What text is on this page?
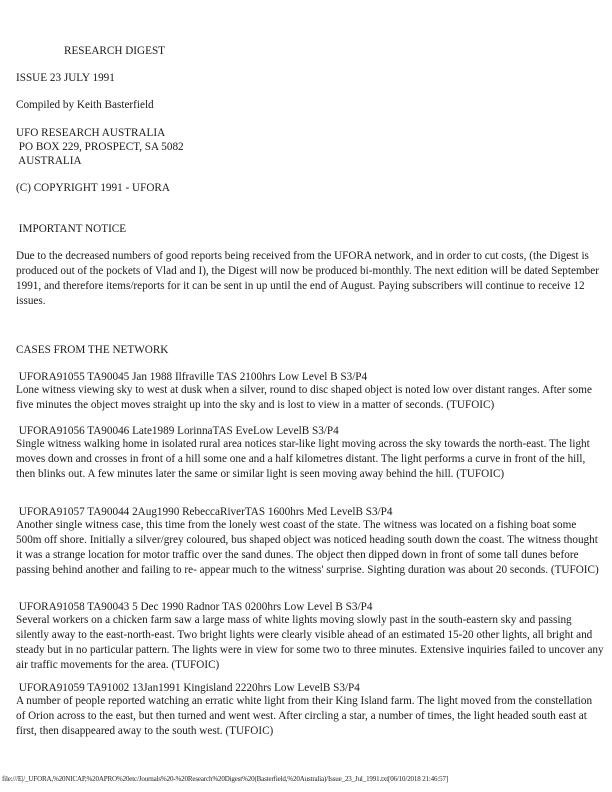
RESEARCH DIGEST
ISSUE 23 JULY 1991
Compiled by Keith Basterfield
UFO RESEARCH AUSTRALIA
PO BOX 229, PROSPECT, SA 5082
AUSTRALIA
(C) COPYRIGHT 1991 - UFORA
IMPORTANT NOTICE
Due to the decreased numbers of good reports being received from the UFORA network, and in order to cut costs, (the Digest is produced out of the pockets of Vlad and I), the Digest will now be produced bi-monthly. The next edition will be dated September 1991, and therefore items/reports for it can be sent in up until the end of August. Paying subscribers will continue to receive 12 issues.
CASES FROM THE NETWORK
UFORA91055 TA90045 Jan 1988 Ilfraville TAS 2100hrs Low Level B S3/P4
Lone witness viewing sky to west at dusk when a silver, round to disc shaped object is noted low over distant ranges. After some five minutes the object moves straight up into the sky and is lost to view in a matter of seconds. (TUFOIC)
UFORA91056 TA90046 Late1989 LorinnaTAS EveLow LevelB S3/P4
Single witness walking home in isolated rural area notices star-like light moving across the sky towards the north-east. The light moves down and crosses in front of a hill some one and a half kilometres distant. The light performs a curve in front of the hill, then blinks out. A few minutes later the same or similar light is seen moving away behind the hill. (TUFOIC)
UFORA91057 TA90044 2Aug1990 RebeccaRiverTAS 1600hrs Med LevelB S3/P4
Another single witness case, this time from the lonely west coast of the state. The witness was located on a fishing boat some 500m off shore. Initially a silver/grey coloured, bus shaped object was noticed heading south down the coast. The witness thought it was a strange location for motor traffic over the sand dunes. The object then dipped down in front of some tall dunes before passing behind another and failing to re- appear much to the witness' surprise. Sighting duration was about 20 seconds. (TUFOIC)
UFORA91058 TA90043 5 Dec 1990 Radnor TAS 0200hrs Low Level B S3/P4
Several workers on a chicken farm saw a large mass of white lights moving slowly past in the south-eastern sky and passing silently away to the east-north-east. Two bright lights were clearly visible ahead of an estimated 15-20 other lights, all bright and steady but in no particular pattern. The lights were in view for some two to three minutes. Extensive inquiries failed to uncover any air traffic movements for the area. (TUFOIC)
UFORA91059 TA91002 13Jan1991 Kingisland 2220hrs Low LevelB S3/P4
A number of people reported watching an erratic white light from their King Island farm. The light moved from the constellation of Orion across to the east, but then turned and went west. After circling a star, a number of times, the light headed south east at first, then disappeared away to the south west. (TUFOIC)
file:///E|/_UFORA,%20NICAP,%20APRO%20etc/Journals%20-%20Research%20Digest%20(Basterfield,%20Australia)/Issue_23_Jul_1991.txt[06/10/2018 21:46:57]
